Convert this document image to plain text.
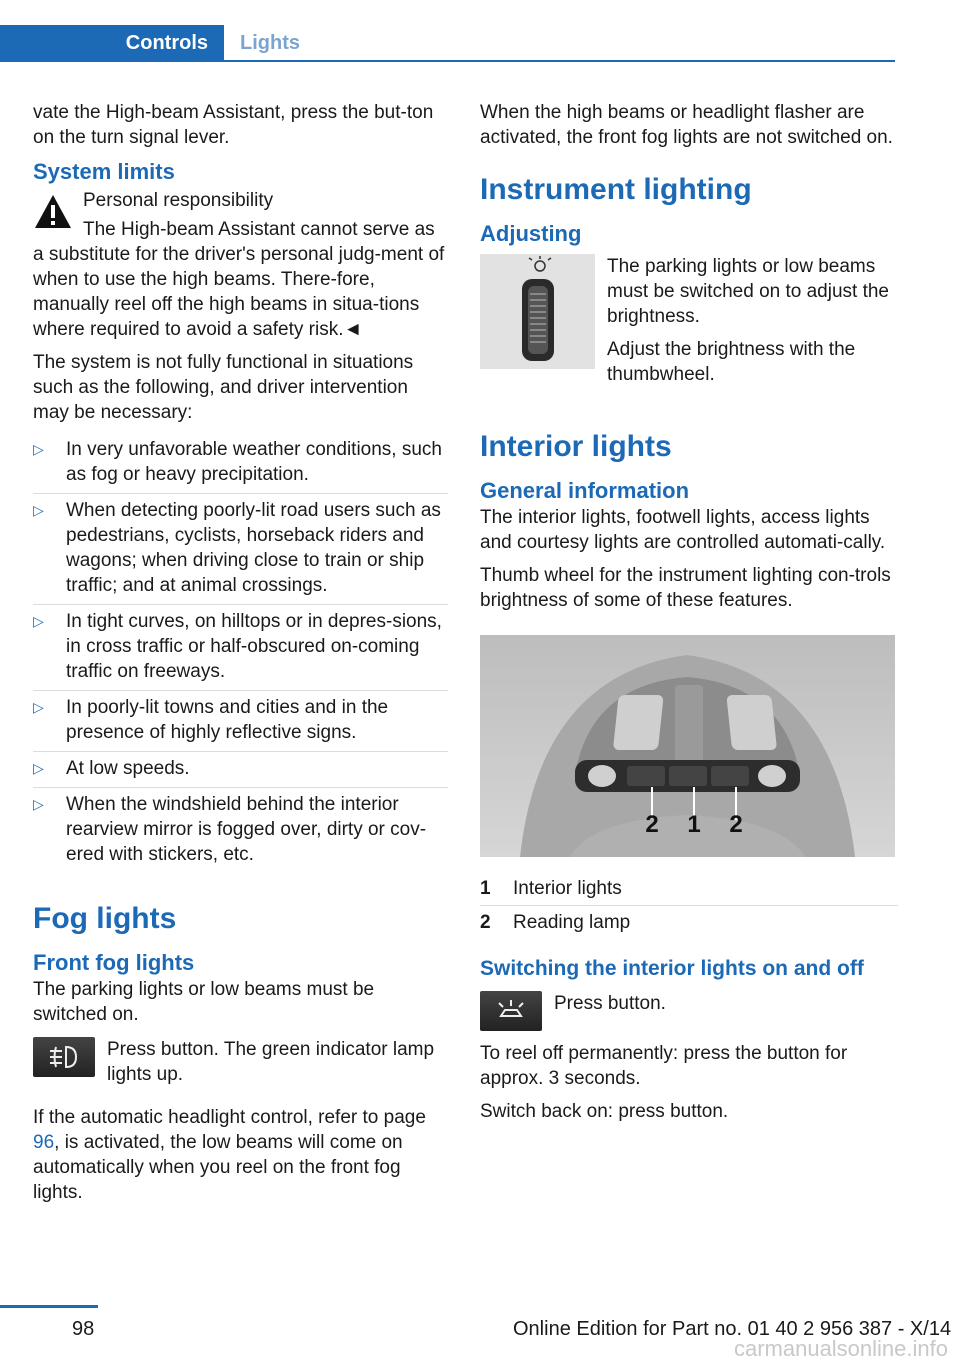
Controls	Lights

vate the High-beam Assistant, press the but-ton on the turn signal lever.

System limits

Personal responsibility

The High-beam Assistant cannot serve as a substitute for the driver's personal judg-ment of when to use the high beams. There-fore, manually reel off the high beams in situa-tions where required to avoid a safety risk.◄

The system is not fully functional in situations such as the following, and driver intervention may be necessary:

▷	In very unfavorable weather conditions, such as fog or heavy precipitation.
▷	When detecting poorly-lit road users such as pedestrians, cyclists, horseback riders and wagons; when driving close to train or ship traffic; and at animal crossings.
▷	In tight curves, on hilltops or in depres-sions, in cross traffic or half-obscured on-coming traffic on freeways.
▷	In poorly-lit towns and cities and in the presence of highly reflective signs.
▷	At low speeds.
▷	When the windshield behind the interior rearview mirror is fogged over, dirty or cov-ered with stickers, etc.
Fog lights
Front fog lights

The parking lights or low beams must be switched on.

Press button. The green indicator lamp lights up.

If the automatic headlight control, refer to page 96, is activated, the low beams will come on automatically when you reel on the front fog lights.

When the high beams or headlight flasher are activated, the front fog lights are not switched on.

Instrument lighting
Adjusting

The parking lights or low beams must be switched on to adjust the brightness.

Adjust the brightness with the thumbwheel.

Interior lights
General information

The interior lights, footwell lights, access lights and courtesy lights are controlled automati-cally.

Thumb wheel for the instrument lighting con-trols brightness of some of these features.

2 1 2
1	Interior lights
2	Reading lamp
Switching the interior lights on and off

Press button.

To reel off permanently: press the button for approx. 3 seconds.

Switch back on: press button.

98	Online Edition for Part no. 01 40 2 956 387 - X/14
carmanualsonline.info
